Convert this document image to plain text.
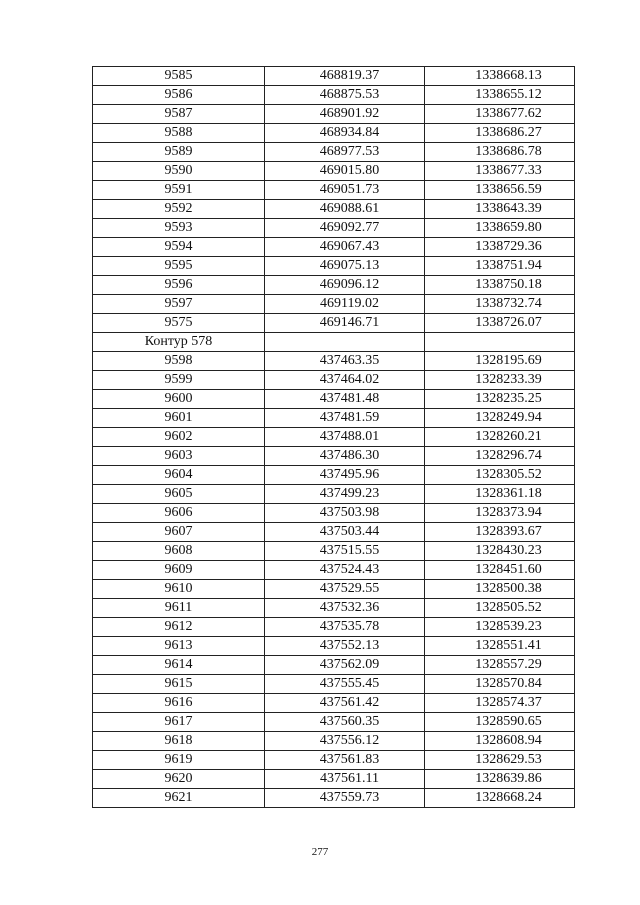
9585	468819.37	1338668.13
9586	468875.53	1338655.12
9587	468901.92	1338677.62
9588	468934.84	1338686.27
9589	468977.53	1338686.78
9590	469015.80	1338677.33
9591	469051.73	1338656.59
9592	469088.61	1338643.39
9593	469092.77	1338659.80
9594	469067.43	1338729.36
9595	469075.13	1338751.94
9596	469096.12	1338750.18
9597	469119.02	1338732.74
9575	469146.71	1338726.07
Контур 578		
9598	437463.35	1328195.69
9599	437464.02	1328233.39
9600	437481.48	1328235.25
9601	437481.59	1328249.94
9602	437488.01	1328260.21
9603	437486.30	1328296.74
9604	437495.96	1328305.52
9605	437499.23	1328361.18
9606	437503.98	1328373.94
9607	437503.44	1328393.67
9608	437515.55	1328430.23
9609	437524.43	1328451.60
9610	437529.55	1328500.38
9611	437532.36	1328505.52
9612	437535.78	1328539.23
9613	437552.13	1328551.41
9614	437562.09	1328557.29
9615	437555.45	1328570.84
9616	437561.42	1328574.37
9617	437560.35	1328590.65
9618	437556.12	1328608.94
9619	437561.83	1328629.53
9620	437561.11	1328639.86
9621	437559.73	1328668.24
277
